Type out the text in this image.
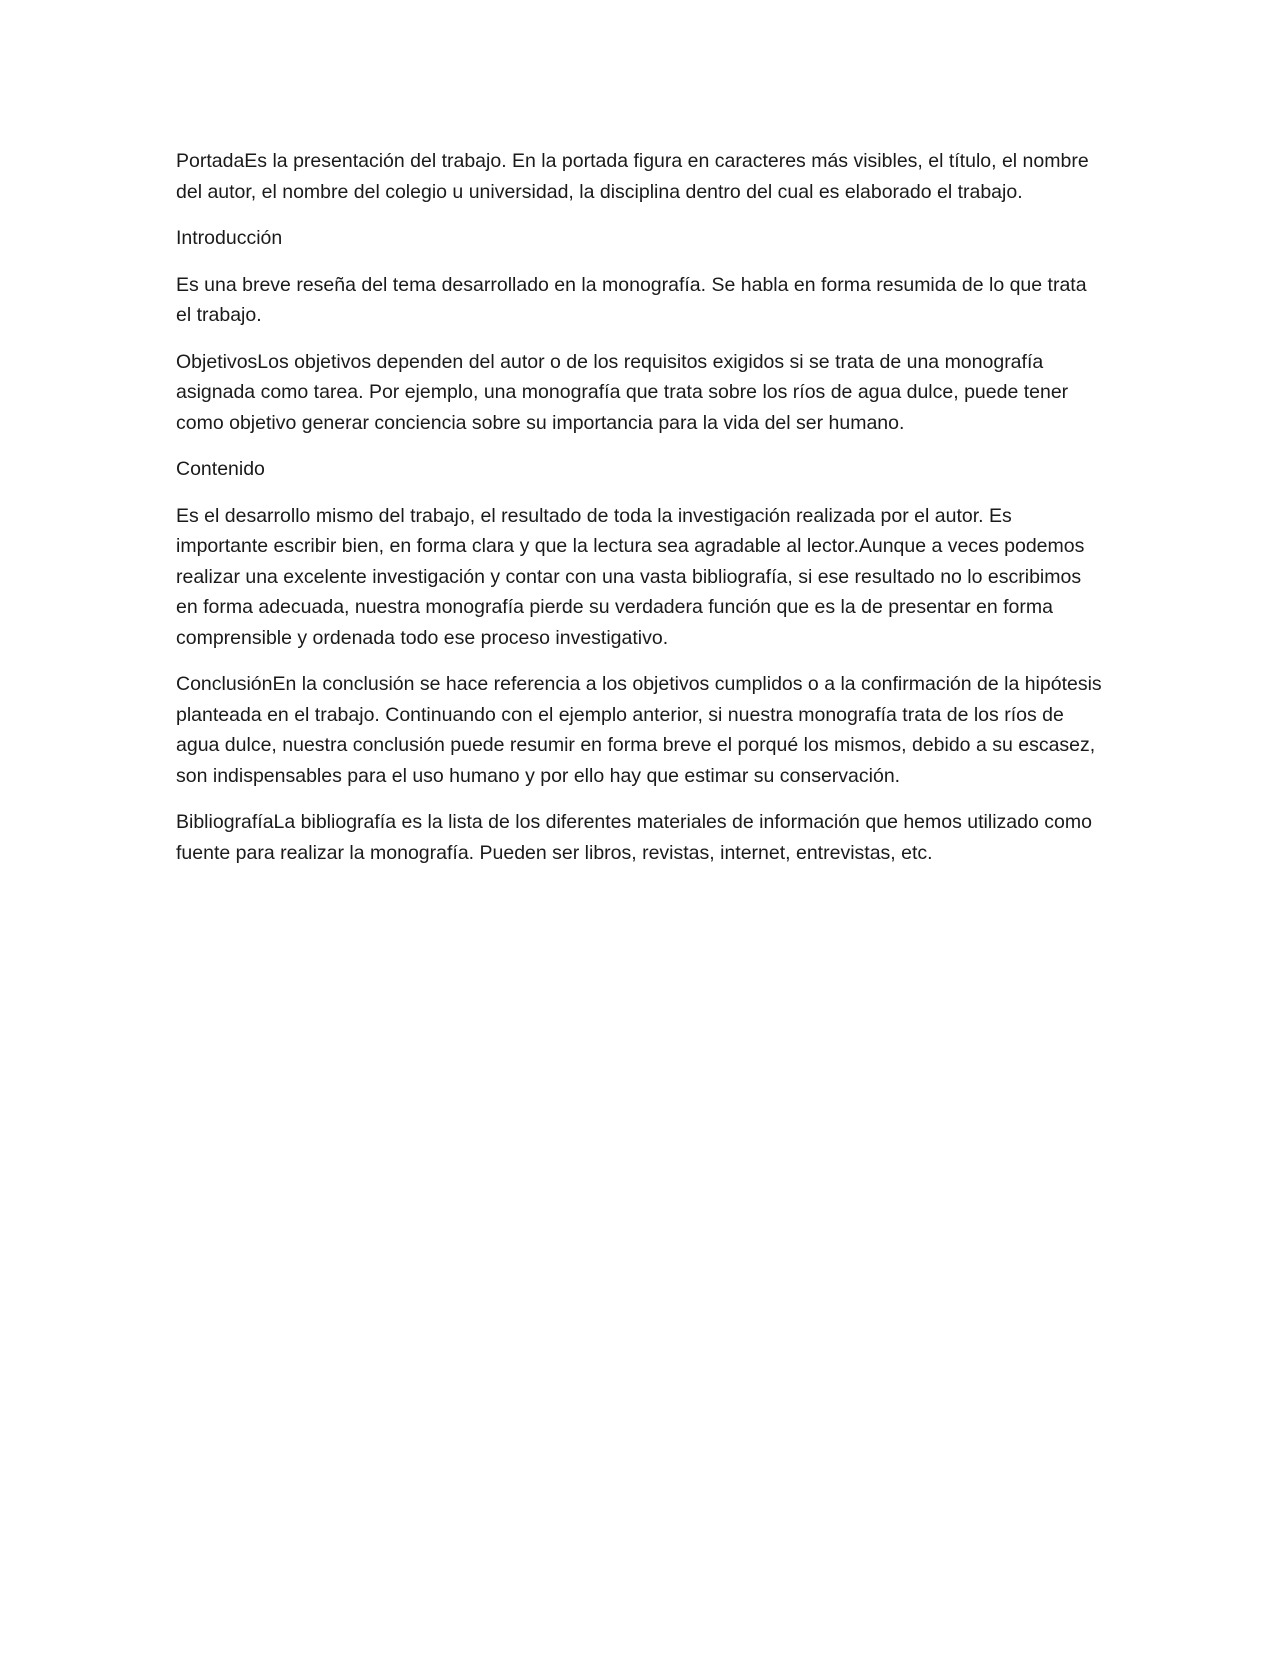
PortadaEs la presentación del trabajo. En la portada figura en caracteres más visibles, el título, el nombre del autor, el nombre del colegio u universidad, la disciplina dentro del cual es elaborado el trabajo.

Introducción

Es una breve reseña del tema desarrollado en la monografía. Se habla en forma resumida de lo que trata el trabajo.

ObjetivosLos objetivos dependen del autor o de los requisitos exigidos si se trata de una monografía asignada como tarea. Por ejemplo, una monografía que trata sobre los ríos de agua dulce, puede tener como objetivo generar conciencia sobre su importancia para la vida del ser humano.

Contenido

Es el desarrollo mismo del trabajo, el resultado de toda la investigación realizada por el autor. Es importante escribir bien, en forma clara y que la lectura sea agradable al lector.Aunque a veces podemos realizar una excelente investigación y contar con una vasta bibliografía, si ese resultado no lo escribimos en forma adecuada, nuestra monografía pierde su verdadera función que es la de presentar en forma comprensible y ordenada todo ese proceso investigativo.

ConclusiónEn la conclusión se hace referencia a los objetivos cumplidos o a la confirmación de la hipótesis planteada en el trabajo. Continuando con el ejemplo anterior, si nuestra monografía trata de los ríos de agua dulce, nuestra conclusión puede resumir en forma breve el porqué los mismos, debido a su escasez, son indispensables para el uso humano y por ello hay que estimar su conservación.

BibliografíaLa bibliografía es la lista de los diferentes materiales de información que hemos utilizado como fuente para realizar la monografía. Pueden ser libros, revistas, internet, entrevistas, etc.
